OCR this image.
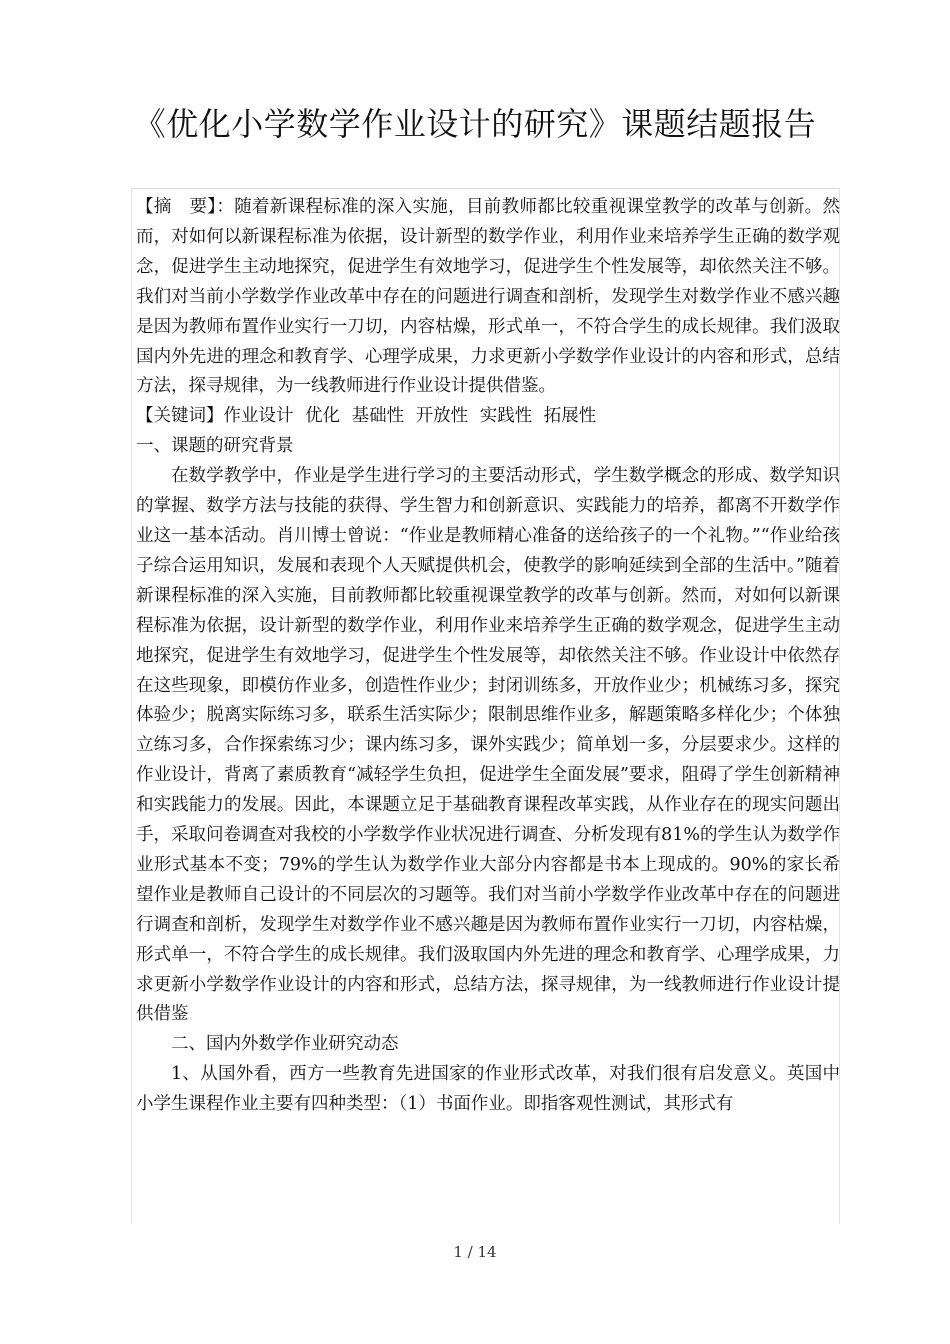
《优化小学数学作业设计的研究》课题结题报告

【摘　要】：随着新课程标准的深入实施，目前教师都比较重视课堂教学的改革与创新。然而，对如何以新课程标准为依据，设计新型的数学作业，利用作业来培养学生正确的数学观念，促进学生主动地探究，促进学生有效地学习，促进学生个性发展等，却依然关注不够。我们对当前小学数学作业改革中存在的问题进行调查和剖析，发现学生对数学作业不感兴趣是因为教师布置作业实行一刀切，内容枯燥，形式单一，不符合学生的成长规律。我们汲取国内外先进的理念和教育学、心理学成果，力求更新小学数学作业设计的内容和形式，总结方法，探寻规律，为一线教师进行作业设计提供借鉴。

【关键词】作业设计 优化 基础性 开放性 实践性 拓展性

一、课题的研究背景

在数学教学中，作业是学生进行学习的主要活动形式，学生数学概念的形成、数学知识的掌握、数学方法与技能的获得、学生智力和创新意识、实践能力的培养，都离不开数学作业这一基本活动。肖川博士曾说：“作业是教师精心准备的送给孩子的一个礼物。”“作业给孩子综合运用知识，发展和表现个人天赋提供机会，使教学的影响延续到全部的生活中。”随着新课程标准的深入实施，目前教师都比较重视课堂教学的改革与创新。然而，对如何以新课程标准为依据，设计新型的数学作业，利用作业来培养学生正确的数学观念，促进学生主动地探究，促进学生有效地学习，促进学生个性发展等，却依然关注不够。作业设计中依然存在这些现象，即模仿作业多，创造性作业少；封闭训练多，开放作业少；机械练习多，探究体验少；脱离实际练习多，联系生活实际少；限制思维作业多，解题策略多样化少；个体独立练习多，合作探索练习少；课内练习多，课外实践少；简单划一多，分层要求少。这样的作业设计，背离了素质教育“减轻学生负担，促进学生全面发展”要求，阻碍了学生创新精神和实践能力的发展。因此，本课题立足于基础教育课程改革实践，从作业存在的现实问题出手，采取问卷调查对我校的小学数学作业状况进行调查、分析发现有81%的学生认为数学作业形式基本不变；79%的学生认为数学作业大部分内容都是书本上现成的。90%的家长希望作业是教师自己设计的不同层次的习题等。我们对当前小学数学作业改革中存在的问题进行调查和剖析，发现学生对数学作业不感兴趣是因为教师布置作业实行一刀切，内容枯燥，形式单一，不符合学生的成长规律。我们汲取国内外先进的理念和教育学、心理学成果，力求更新小学数学作业设计的内容和形式，总结方法，探寻规律，为一线教师进行作业设计提供借鉴

二、国内外数学作业研究动态

1、从国外看，西方一些教育先进国家的作业形式改革，对我们很有启发意义。英国中小学生课程作业主要有四种类型：（1）书面作业。即指客观性测试，其形式有

1 / 14
